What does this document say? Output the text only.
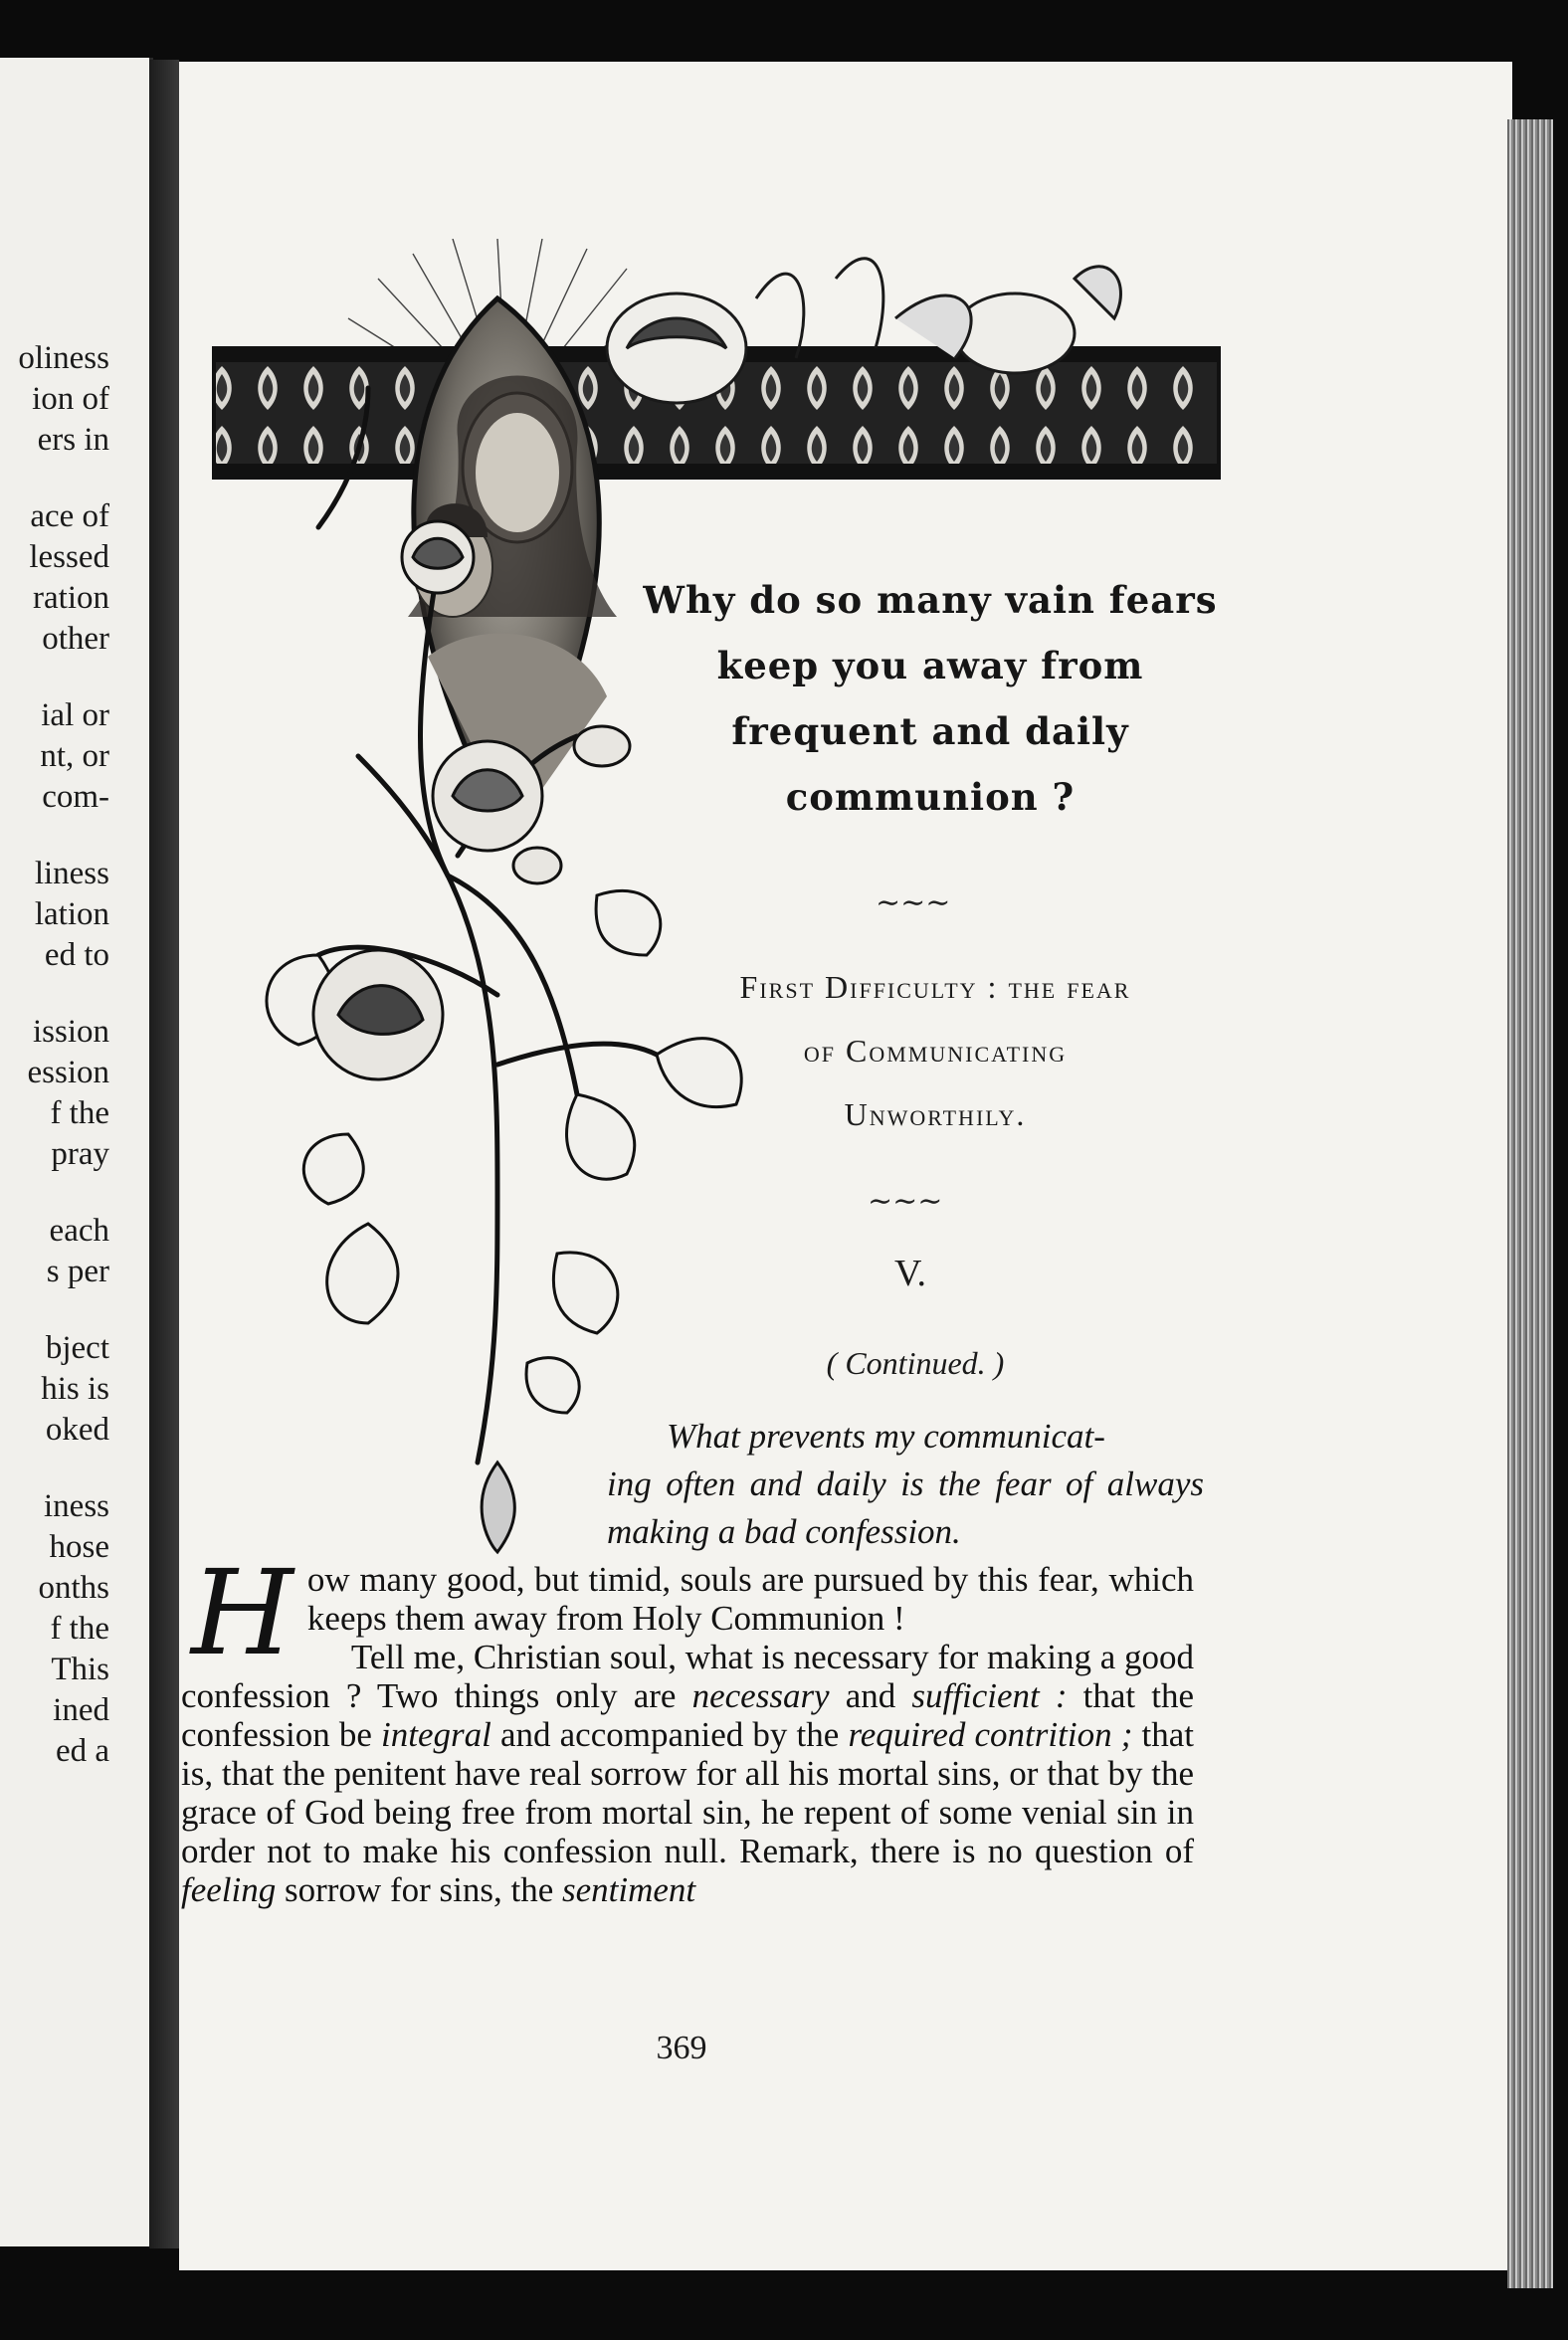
oliness
ion of
ers in
ace of
lessed
ration
other
ial or
nt, or
com-
liness
lation
ed to
ission
ession
f the
pray
each
s per
bject
his is
oked
iness
hose
onths
f the
This
ined
ed a
Why do so many vain fears
keep you away from
frequent and daily
communion ?
∼∼∼
∼∼∼
First Difficulty : the fear
of Communicating
Unworthily.
V.
( Continued. )
What prevents my communicat-
ing often and daily is the fear of always making a bad confession.

How many good, but timid, souls are pursued by this fear, which keeps them away from Holy Communion !

Tell me, Christian soul, what is necessary for making a good confession ? Two things only are necessary and sufficient : that the confession be integral and accompanied by the required contrition ; that is, that the penitent have real sorrow for all his mortal sins, or that by the grace of God being free from mortal sin, he repent of some venial sin in order not to make his confession null. Remark, there is no question of feeling sorrow for sins, the sentiment

369
